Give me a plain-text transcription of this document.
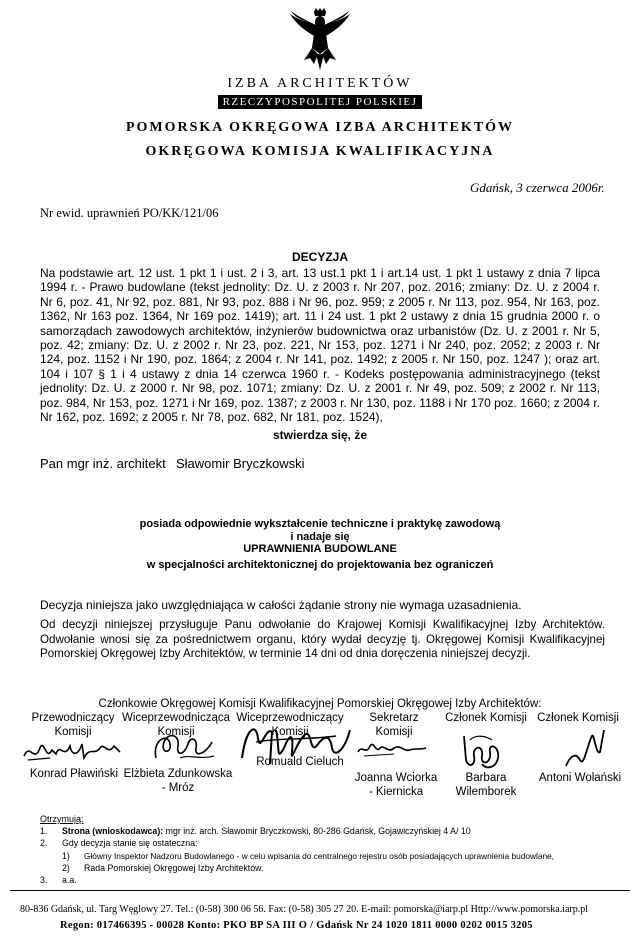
IZBA ARCHITEKTÓW
RZECZYPOSPOLITEJ POLSKIEJ
POMORSKA OKRĘGOWA IZBA ARCHITEKTÓW
OKRĘGOWA KOMISJA KWALIFIKACYJNA
Gdańsk, 3 czerwca 2006r.
Nr ewid. uprawnień PO/KK/121/06
DECYZJA
Na podstawie art. 12 ust. 1 pkt 1 i ust. 2 i 3, art. 13 ust.1 pkt 1 i art.14 ust. 1 pkt 1 ustawy z dnia 7 lipca 1994 r. - Prawo budowlane (tekst jednolity: Dz. U. z 2003 r. Nr 207, poz. 2016; zmiany: Dz. U. z 2004 r. Nr 6, poz. 41, Nr 92, poz. 881, Nr 93, poz. 888 i Nr 96, poz. 959; z 2005 r. Nr 113, poz. 954, Nr 163, poz. 1362, Nr 163 poz. 1364, Nr 169 poz. 1419); art. 11 i 24 ust. 1 pkt 2 ustawy z dnia 15 grudnia 2000 r. o samorządach zawodowych architektów, inżynierów budownictwa oraz urbanistów (Dz. U. z 2001 r. Nr 5, poz. 42; zmiany: Dz. U. z 2002 r. Nr 23, poz. 221, Nr 153, poz. 1271 i Nr 240, poz. 2052; z 2003 r. Nr 124, poz. 1152 i Nr 190, poz. 1864; z 2004 r. Nr 141, poz. 1492; z 2005 r. Nr 150, poz. 1247 ); oraz art. 104 i 107 § 1 i 4 ustawy z dnia 14 czerwca 1960 r. - Kodeks postępowania administracyjnego (tekst jednolity: Dz. U. z 2000 r. Nr 98, poz. 1071; zmiany: Dz. U. z 2001 r. Nr 49, poz. 509; z 2002 r. Nr 113, poz. 984, Nr 153, poz. 1271 i Nr 169, poz. 1387; z 2003 r. Nr 130, poz. 1188 i Nr 170 poz. 1660; z 2004 r. Nr 162, poz. 1692; z 2005 r. Nr 78, poz. 682, Nr 181, poz. 1524),
stwierdza się, że
Pan mgr inż. architekt Sławomir Bryczkowski
posiada odpowiednie wykształcenie techniczne i praktykę zawodową
i nadaje się
UPRAWNIENIA BUDOWLANE
w specjalności architektonicznej do projektowania bez ograniczeń
Decyzja niniejsza jako uwzględniająca w całości żądanie strony nie wymaga uzasadnienia.
Od decyzji niniejszej przysługuje Panu odwołanie do Krajowej Komisji Kwalifikacyjnej Izby Architektów. Odwołanie wnosi się za pośrednictwem organu, który wydał decyzję tj. Okręgowej Komisji Kwalifikacyjnej Pomorskiej Okręgowej Izby Architektów, w terminie 14 dni od dnia doręczenia niniejszej decyzji.
Członkowie Okręgowej Komisji Kwalifikacyjnej Pomorskiej Okręgowej Izby Architektów:
Przewodniczący
Komisji
Wiceprzewodnicząca
Komisji
Wiceprzewodniczący
Komisji
Sekretarz
Komisji
Członek Komisji Członek Komisji
Konrad Pławiński Elżbieta Zdunkowska
- Mróz
Romuald Cieluch
Joanna Wciorka
- Kiernicka
Barbara
Wilemborek
Antoni Wolański
Otrzymują:
1. Strona (wnioskodawca): mgr inż. arch. Sławomir Bryczkowski, 80-286 Gdańsk, Gojawiczyńskiej 4 A/ 10
2. Gdy decyzja stanie się ostateczna:
1) Główny Inspektor Nadzoru Budowlanego - w celu wpisania do centralnego rejestru osób posiadających uprawnienia budowlane,
2) Rada Pomorskiej Okręgowej Izby Architektów.
3. a.a.
80-836 Gdańsk, ul. Targ Węglowy 27. Tel.: (0-58) 300 06 56. Fax: (0-58) 305 27 20. E-mail: pomorska@iarp.pl Http://www.pomorska.iarp.pl
Regon: 017466395 - 00028 Konto: PKO BP SA III O / Gdańsk Nr 24 1020 1811 0000 0202 0015 3205
